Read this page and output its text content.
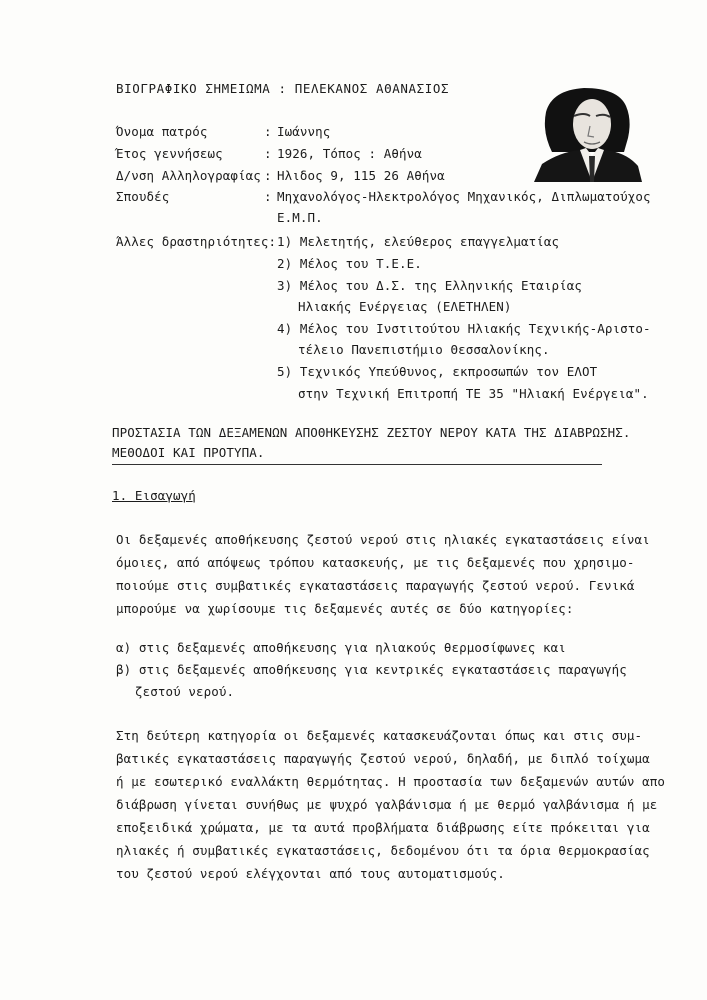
ΒΙΟΓΡΑΦΙΚΟ ΣΗΜΕΙΩΜΑ : ΠΕΛΕΚΑΝΟΣ ΑΘΑΝΑΣΙΟΣ
Όνομα πατρός	: Ιωάννης
Έτος γεννήσεως	: 1926, Τόπος : Αθήνα
Δ/νση Αλληλογραφίας : Ηλιδος 9, 115 26 Αθήνα
Σπουδές	: Μηχανολόγος-Ηλεκτρολόγος Μηχανικός, Διπλωματούχος
Ε.Μ.Π.
Άλλες δραστηριότητες: 1) Μελετητής, ελεύθερος επαγγελματίας
2) Μέλος του Τ.Ε.Ε.
3) Μέλος του Δ.Σ. της Ελληνικής Εταιρίας
Ηλιακής Ενέργειας (ΕΛΕΤΗΛΕΝ)
4) Μέλος του Ινστιτούτου Ηλιακής Τεχνικής-Αριστο-
τέλειο Πανεπιστήμιο Θεσσαλονίκης.
5) Τεχνικός Υπεύθυνος, εκπροσωπών τον ΕΛΟΤ
στην Τεχνική Επιτροπή ΤΕ 35 "Ηλιακή Ενέργεια".
ΠΡΟΣΤΑΣΙΑ ΤΩΝ ΔΕΞΑΜΕΝΩΝ ΑΠΟΘΗΚΕΥΣΗΣ ΖΕΣΤΟΥ ΝΕΡΟΥ ΚΑΤΑ ΤΗΣ ΔΙΑΒΡΩΣΗΣ.
ΜΕΘΟΔΟΙ ΚΑΙ ΠΡΟΤΥΠΑ.
1. Εισαγωγή
Οι δεξαμενές αποθήκευσης ζεστού νερού στις ηλιακές εγκαταστάσεις είναι
όμοιες, από απόψεως τρόπου κατασκευής, με τις δεξαμενές που χρησιμο-
ποιούμε στις συμβατικές εγκαταστάσεις παραγωγής ζεστού νερού. Γενικά
μπορούμε να χωρίσουμε τις δεξαμενές αυτές σε δύο κατηγορίες:
α) στις δεξαμενές αποθήκευσης για ηλιακούς θερμοσίφωνες και
β) στις δεξαμενές αποθήκευσης για κεντρικές εγκαταστάσεις παραγωγής
ζεστού νερού.
Στη δεύτερη κατηγορία οι δεξαμενές κατασκευάζονται όπως και στις συμ-
βατικές εγκαταστάσεις παραγωγής ζεστού νερού, δηλαδή, με διπλό τοίχωμα
ή με εσωτερικό εναλλάκτη θερμότητας. Η προστασία των δεξαμενών αυτών απο
διάβρωση γίνεται συνήθως με ψυχρό γαλβάνισμα ή με θερμό γαλβάνισμα ή με
εποξειδικά χρώματα, με τα αυτά προβλήματα διάβρωσης είτε πρόκειται για
ηλιακές ή συμβατικές εγκαταστάσεις, δεδομένου ότι τα όρια θερμοκρασίας
του ζεστού νερού ελέγχονται από τους αυτοματισμούς.
